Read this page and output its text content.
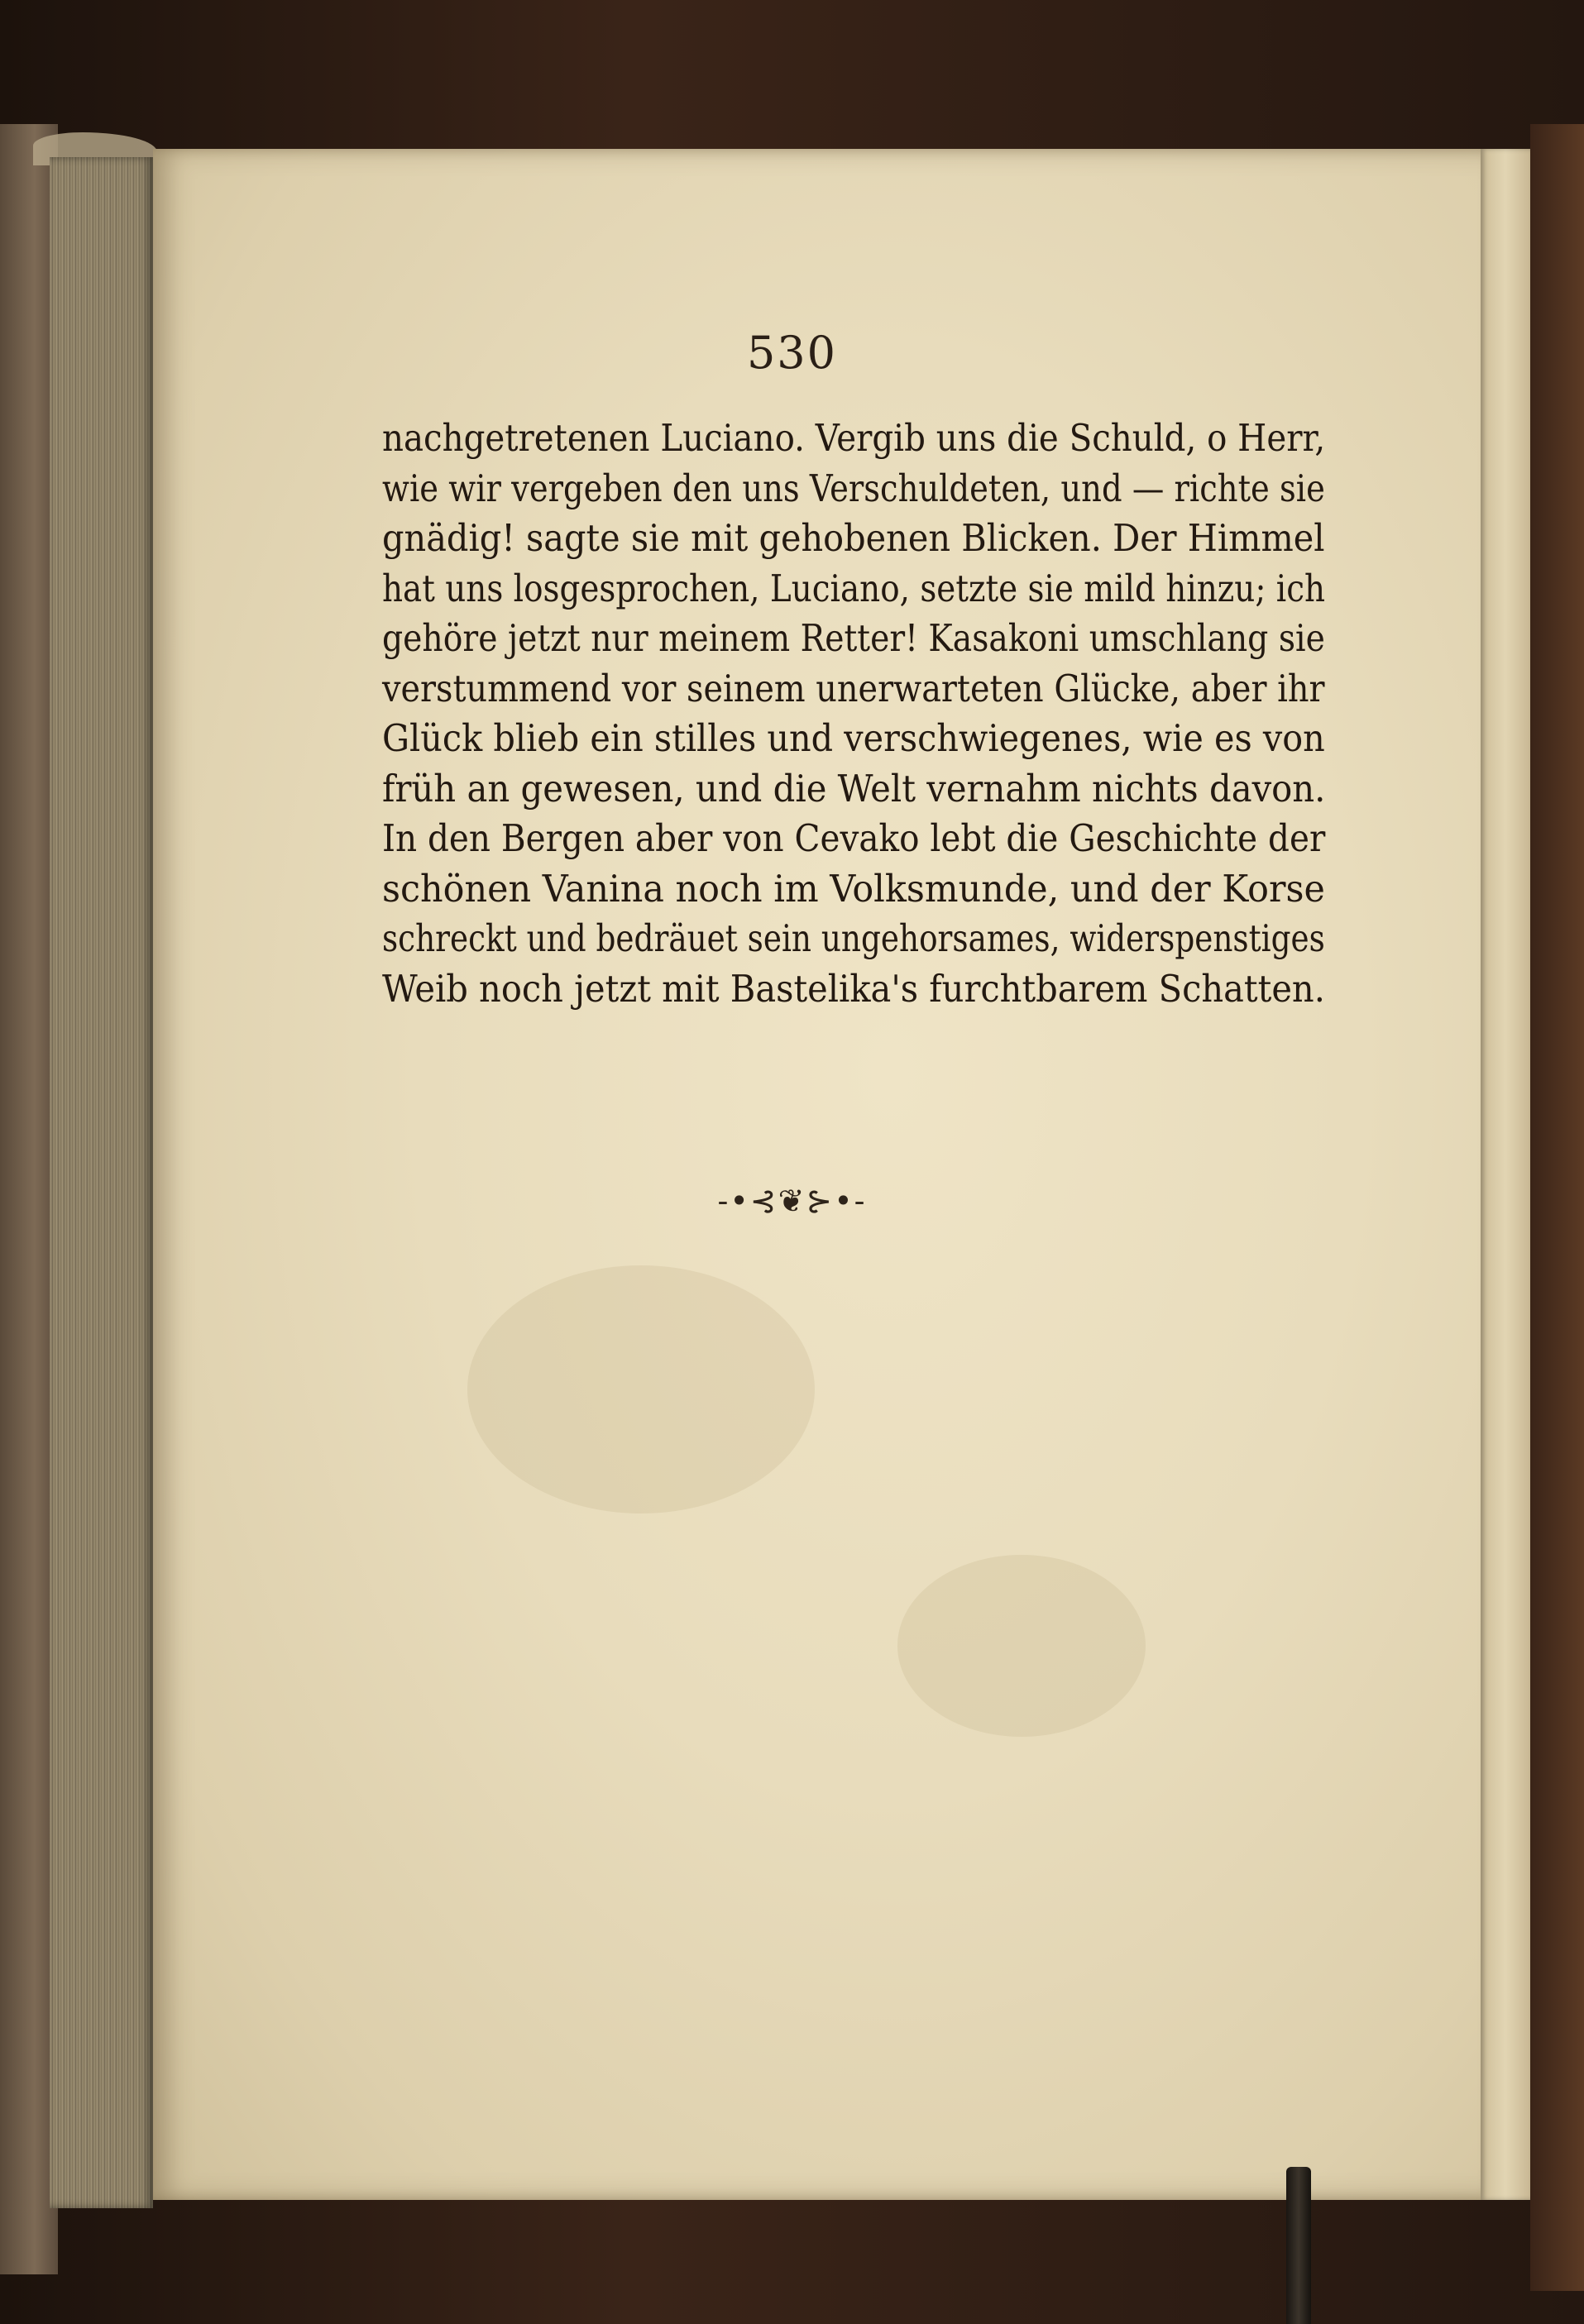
530
nachgetretenen Luciano. Vergib uns die Schuld, o Herr,
wie wir vergeben den uns Verschuldeten, und — richte sie
gnädig! sagte sie mit gehobenen Blicken. Der Himmel
hat uns losgesprochen, Luciano, setzte sie mild hinzu; ich
gehöre jetzt nur meinem Retter! Kasakoni umschlang sie
verstummend vor seinem unerwarteten Glücke, aber ihr
Glück blieb ein stilles und verschwiegenes, wie es von
früh an gewesen, und die Welt vernahm nichts davon.
In den Bergen aber von Cevako lebt die Geschichte der
schönen Vanina noch im Volksmunde, und der Korse
schreckt und bedräuet sein ungehorsames, widerspenstiges
Weib noch jetzt mit Bastelika's furchtbarem Schatten.
-•⊰❦⊱•-
